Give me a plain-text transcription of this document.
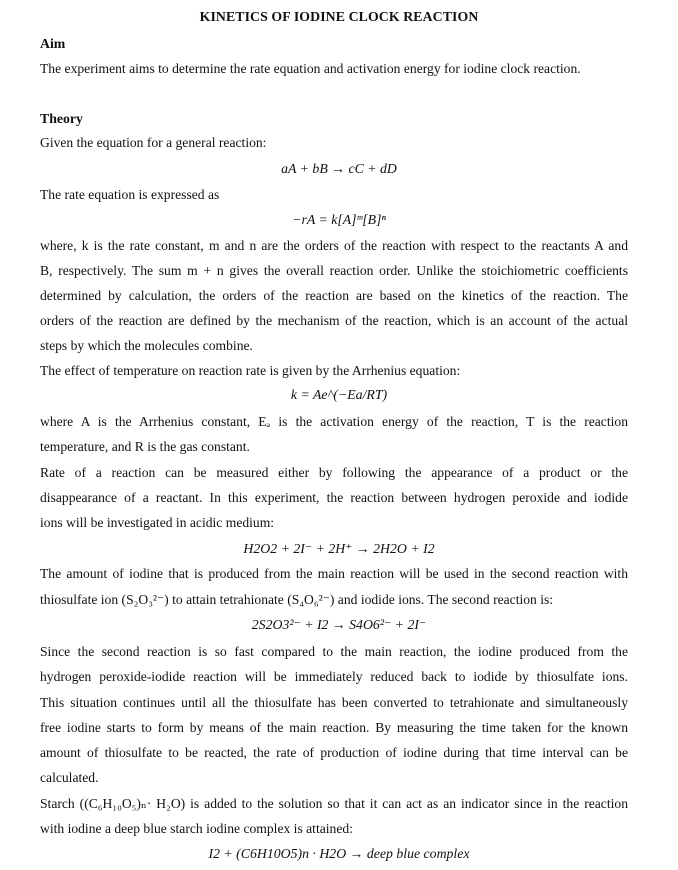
KINETICS OF IODINE CLOCK REACTION
Aim
The experiment aims to determine the rate equation and activation energy for iodine clock reaction.
Theory
Given the equation for a general reaction:
aA + bB → cC + dD
The rate equation is expressed as
−rA = k[A]ᵐ[B]ⁿ
where, k is the rate constant, m and n are the orders of the reaction with respect to the reactants A and
B, respectively. The sum m + n gives the overall reaction order. Unlike the stoichiometric coefficients
determined by calculation, the orders of the reaction are based on the kinetics of the reaction. The
orders of the reaction are defined by the mechanism of the reaction, which is an account of the actual
steps by which the molecules combine.
The effect of temperature on reaction rate is given by the Arrhenius equation:
k = Ae^(−Ea/RT)
where A is the Arrhenius constant, Eₐ is the activation energy of the reaction, T is the reaction
temperature, and R is the gas constant.
Rate of a reaction can be measured either by following the appearance of a product or the
disappearance of a reactant. In this experiment, the reaction between hydrogen peroxide and iodide
ions will be investigated in acidic medium:
H2O2 + 2I⁻ + 2H⁺ → 2H2O + I2
The amount of iodine that is produced from the main reaction will be used in the second reaction with
thiosulfate ion (S₂O₃²⁻) to attain tetrahionate (S₄O₆²⁻) and iodide ions. The second reaction is:
2S2O3²⁻ + I2 → S4O6²⁻ + 2I⁻
Since the second reaction is so fast compared to the main reaction, the iodine produced from the
hydrogen peroxide-iodide reaction will be immediately reduced back to iodide by thiosulfate ions.
This situation continues until all the thiosulfate has been converted to tetrahionate and simultaneously
free iodine starts to form by means of the main reaction. By measuring the time taken for the known
amount of thiosulfate to be reacted, the rate of production of iodine during that time interval can be
calculated.
Starch ((C₆H₁₀O₅)ₙ· H₂O) is added to the solution so that it can act as an indicator since in the reaction
with iodine a deep blue starch iodine complex is attained:
I2 + (C6H10O5)n · H2O → deep blue complex
